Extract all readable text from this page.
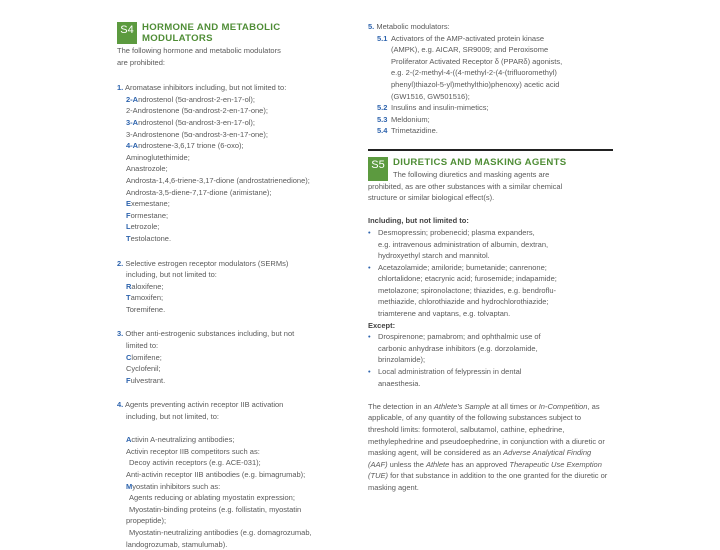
S4 HORMONE AND METABOLIC
MODULATORS
The following hormone and metabolic modulators
are prohibited:
1. Aromatase inhibitors including, but not limited to:
2-Androstenol (5α-androst-2-en-17-ol);
2-Androstenone (5α-androst-2-en-17-one);
3-Androstenol (5α-androst-3-en-17-ol);
3-Androstenone (5α-androst-3-en-17-one);
4-Androstene-3,6,17 trione (6-oxo);
Aminoglutethimide;
Anastrozole;
Androsta-1,4,6-triene-3,17-dione (androstatrienedione);
Androsta-3,5-diene-7,17-dione (arimistane);
Exemestane;
Formestane;
Letrozole;
Testolactone.
2. Selective estrogen receptor modulators (SERMs)
including, but not limited to:
Raloxifene;
Tamoxifen;
Toremifene.
3. Other anti-estrogenic substances including, but not
limited to:
Clomifene;
Cyclofenil;
Fulvestrant.
4. Agents preventing activin receptor IIB activation
including, but not limited, to:
Activin A-neutralizing antibodies;
Activin receptor IIB competitors such as:
Decoy activin receptors (e.g. ACE-031);
Anti-activin receptor IIB antibodies (e.g. bimagrumab);
Myostatin inhibitors such as:
Agents reducing or ablating myostatin expression;
Myostatin-binding proteins (e.g. follistatin, myostatin
propeptide);
Myostatin-neutralizing antibodies (e.g. domagrozumab,
landogrozumab, stamulumab).
5. Metabolic modulators:
5.1 Activators of the AMP-activated protein kinase
(AMPK), e.g. AICAR, SR9009; and Peroxisome
Proliferator Activated Receptor δ (PPARδ) agonists,
e.g. 2-(2-methyl-4-((4-methyl-2-(4-(trifluoromethyl)
phenyl)thiazol-5-yl)methylthio)phenoxy) acetic acid
(GW1516, GW501516);
5.2 Insulins and insulin-mimetics;
5.3 Meldonium;
5.4 Trimetazidine.
S5 DIURETICS AND MASKING AGENTS
The following diuretics and masking agents are
prohibited, as are other substances with a similar chemical
structure or similar biological effect(s).
Including, but not limited to:
• Desmopressin; probenecid; plasma expanders,
e.g. intravenous administration of albumin, dextran,
hydroxyethyl starch and mannitol.
• Acetazolamide; amiloride; bumetanide; canrenone;
chlortalidone; etacrynic acid; furosemide; indapamide;
metolazone; spironolactone; thiazides, e.g. bendroflu-
methiazide, chlorothiazide and hydrochlorothiazide;
triamterene and vaptans, e.g. tolvaptan.
Except:
• Drospirenone; pamabrom; and ophthalmic use of
carbonic anhydrase inhibitors (e.g. dorzolamide,
brinzolamide);
• Local administration of felypressin in dental
anaesthesia.
The detection in an Athlete's Sample at all times or In-Competition, as applicable, of any quantity of the following substances subject to threshold limits: formoterol, salbutamol, cathine, ephedrine, methylephedrine and pseudoephedrine, in conjunction with a diuretic or masking agent, will be considered as an Adverse Analytical Finding (AAF) unless the Athlete has an approved Therapeutic Use Exemption (TUE) for that substance in addition to the one granted for the diuretic or masking agent.
